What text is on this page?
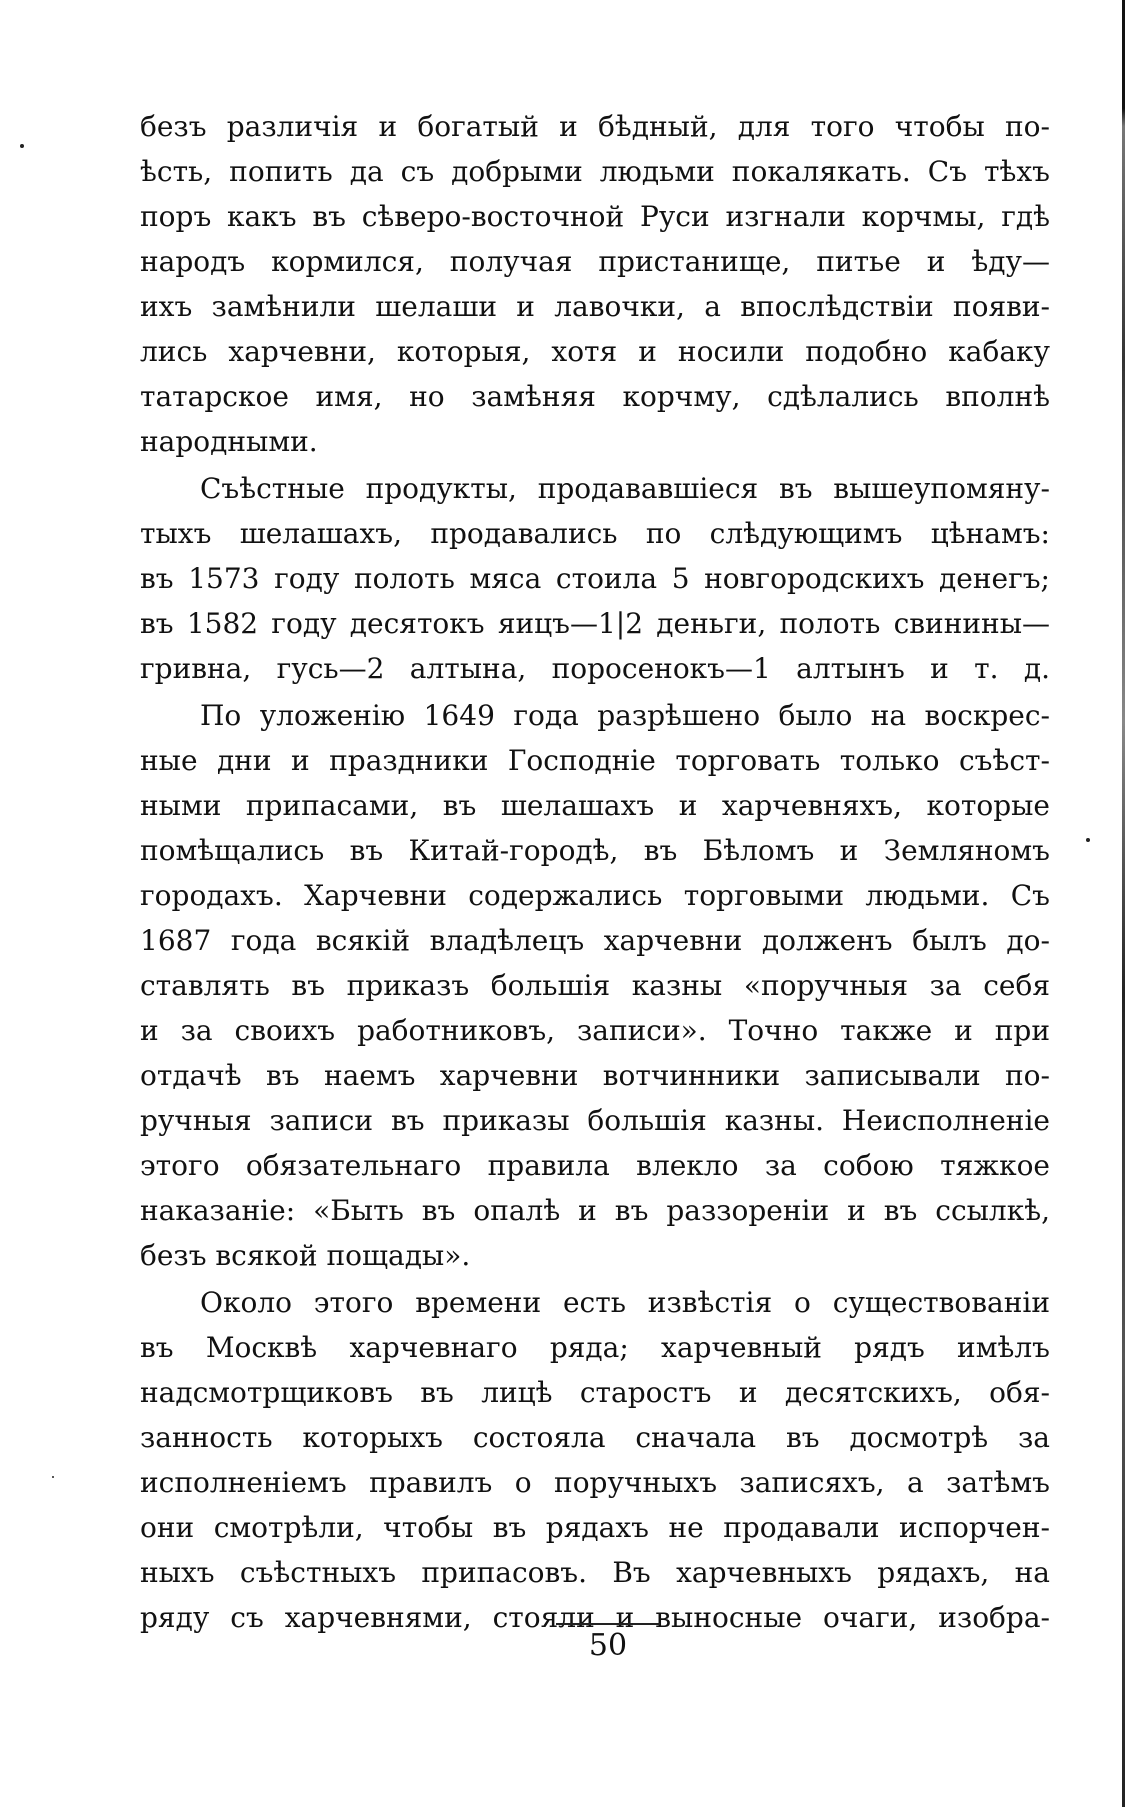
безъ различія и богатый и бѣдный, для того чтобы по-
ѣсть, попить да съ добрыми людьми покалякать. Съ тѣхъ
поръ какъ въ сѣверо-восточной Руси изгнали корчмы, гдѣ
народъ кормился, получая пристанище, питье и ѣду—
ихъ замѣнили шелаши и лавочки, а впослѣдствіи появи-
лись харчевни, которыя, хотя и носили подобно кабаку
татарское имя, но замѣняя корчму, сдѣлались вполнѣ
народными.
Съѣстные продукты, продававшіеся въ вышеупомяну-
тыхъ шелашахъ, продавались по слѣдующимъ цѣнамъ:
въ 1573 году полоть мяса стоила 5 новгородскихъ денегъ;
въ 1582 году десятокъ яицъ—1|2 деньги, полоть свинины—
гривна, гусь—2 алтына, поросенокъ—1 алтынъ и т. д.
По уложенію 1649 года разрѣшено было на воскрес-
ные дни и праздники Господніе торговать только съѣст-
ными припасами, въ шелашахъ и харчевняхъ, которые
помѣщались въ Китай-городѣ, въ Бѣломъ и Земляномъ
городахъ. Харчевни содержались торговыми людьми. Съ
1687 года всякій владѣлецъ харчевни долженъ былъ до-
ставлять въ приказъ большія казны «поручныя за себя
и за своихъ работниковъ, записи». Точно также и при
отдачѣ въ наемъ харчевни вотчинники записывали по-
ручныя записи въ приказы большія казны. Неисполненіе
этого обязательнаго правила влекло за собою тяжкое
наказаніе: «Быть въ опалѣ и въ раззореніи и въ ссылкѣ,
безъ всякой пощады».
Около этого времени есть извѣстія о существованіи
въ Москвѣ харчевнаго ряда; харчевный рядъ имѣлъ
надсмотрщиковъ въ лицѣ старостъ и десятскихъ, обя-
занность которыхъ состояла сначала въ досмотрѣ за
исполненіемъ правилъ о поручныхъ записяхъ, а затѣмъ
они смотрѣли, чтобы въ рядахъ не продавали испорчен-
ныхъ съѣстныхъ припасовъ. Въ харчевныхъ рядахъ, на
ряду съ харчевнями, стояли и выносные очаги, изобра-
50
